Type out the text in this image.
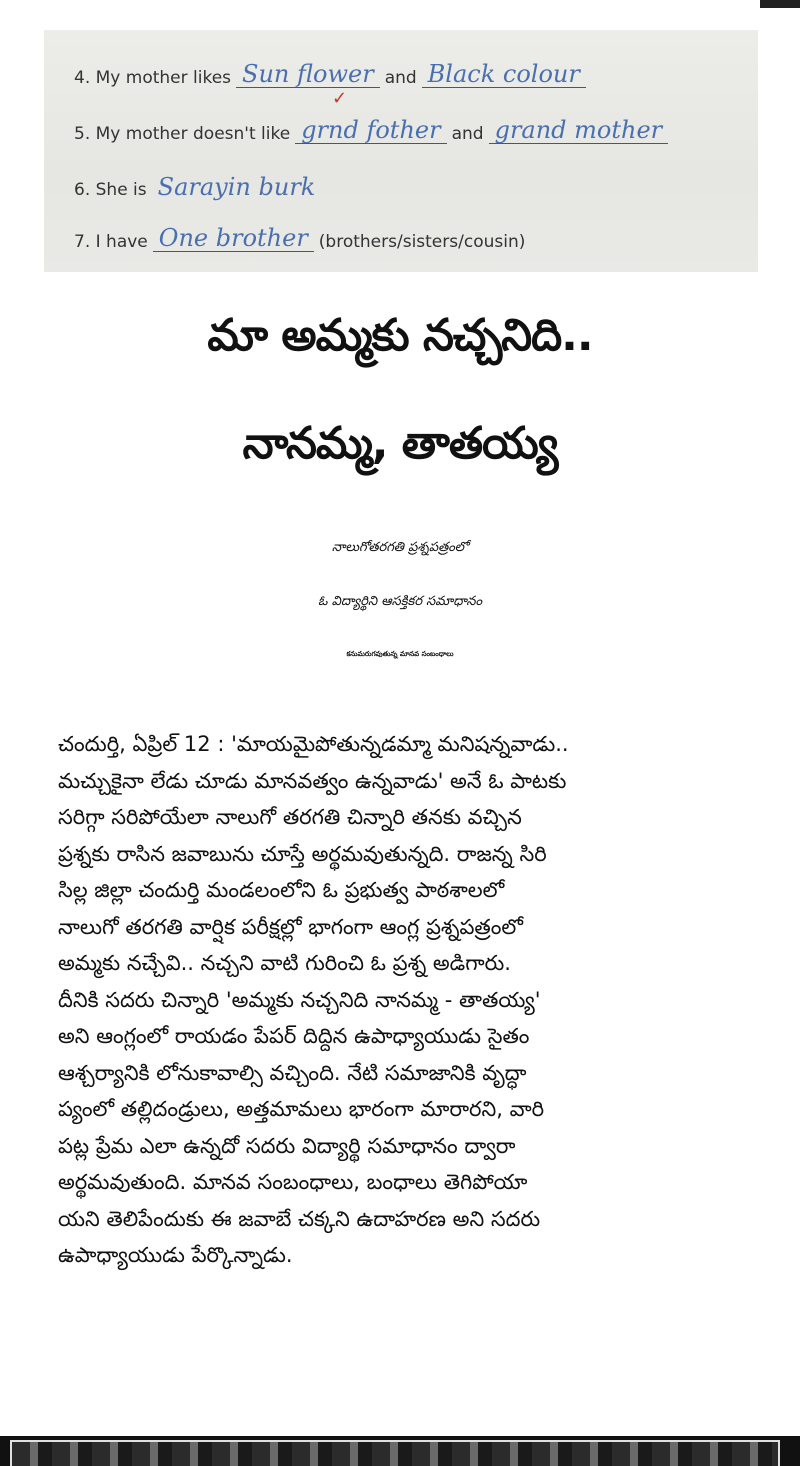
4. My mother likes Sun flower and Black colour
5. My mother doesn't like grnd fother and grand mother
✓
6. She is Sarayin burk
7. I have One brother (brothers/sisters/cousin)
మా అమ్మకు నచ్చనిది..
నానమ్మ, తాతయ్య
నాలుగోతరగతి ప్రశ్నపత్రంలో
ఓ విద్యార్థిని ఆసక్తికర సమాధానం
కనుమరుగవుతున్న మానవ సంబంధాలు
చందుర్తి, ఏప్రిల్ 12 : 'మాయమైపోతున్నడమ్మా మనిషన్నవాడు..
మచ్చుకైనా లేడు చూడు మానవత్వం ఉన్నవాడు' అనే ఓ పాటకు
సరిగ్గా సరిపోయేలా నాలుగో తరగతి చిన్నారి తనకు వచ్చిన
ప్రశ్నకు రాసిన జవాబును చూస్తే అర్థమవుతున్నది. రాజన్న సిరి
సిల్ల జిల్లా చందుర్తి మండలంలోని ఓ ప్రభుత్వ పాఠశాలలో
నాలుగో తరగతి వార్షిక పరీక్షల్లో భాగంగా ఆంగ్ల ప్రశ్నపత్రంలో
అమ్మకు నచ్చేవి.. నచ్చని వాటి గురించి ఓ ప్రశ్న అడిగారు.
దీనికి సదరు చిన్నారి 'అమ్మకు నచ్చనిది నానమ్మ - తాతయ్య'
అని ఆంగ్లంలో రాయడం పేపర్ దిద్దిన ఉపాధ్యాయుడు సైతం
ఆశ్చర్యానికి లోనుకావాల్సి వచ్చింది. నేటి సమాజానికి వృద్ధా
ప్యంలో తల్లిదండ్రులు, అత్తమామలు భారంగా మారారని, వారి
పట్ల ప్రేమ ఎలా ఉన్నదో సదరు విద్యార్థి సమాధానం ద్వారా
అర్థమవుతుంది. మానవ సంబంధాలు, బంధాలు తెగిపోయా
యని తెలిపేందుకు ఈ జవాబే చక్కని ఉదాహరణ అని సదరు
ఉపాధ్యాయుడు పేర్కొన్నాడు.
